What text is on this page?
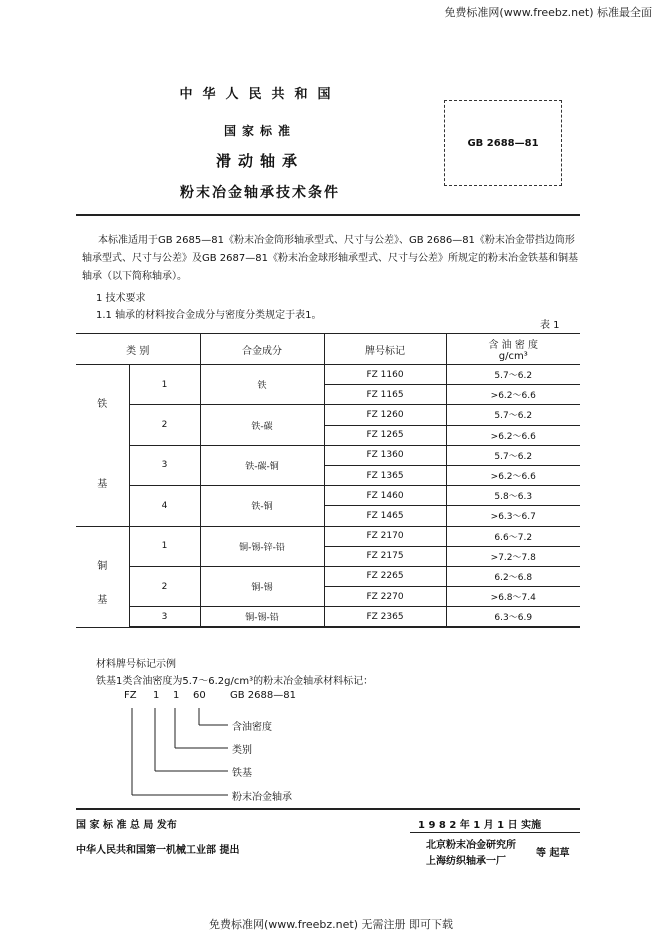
免费标准网(www.freebz.net) 标准最全面
中华人民共和国
国家标准
滑动轴承
粉末冶金轴承技术条件
GB 2688—81
本标准适用于GB 2685—81《粉末冶金筒形轴承型式、尺寸与公差》、GB 2686—81《粉末冶金带挡边筒形轴承型式、尺寸与公差》及GB 2687—81《粉末冶金球形轴承型式、尺寸与公差》所规定的粉末冶金铁基和铜基轴承（以下简称轴承）。
1 技术要求
1.1 轴承的材料按合金成分与密度分类规定于表1。
表 1
类 别		合金成分	牌号标记	含 油 密 度
g/cm³

铁
基	1	铁	FZ 1160	5.7～6.2
			FZ 1165	>6.2～6.6
	2	铁-碳	FZ 1260	5.7～6.2
			FZ 1265	>6.2～6.6
	3	铁-碳-铜	FZ 1360	5.7～6.2
			FZ 1365	>6.2～6.6
	4	铁-铜	FZ 1460	5.8～6.3
			FZ 1465	>6.3～6.7

铜
基	1	铜-锡-锌-铅	FZ 2170	6.6～7.2
			FZ 2175	>7.2～7.8
	2	铜-锡	FZ 2265	6.2～6.8
			FZ 2270	>6.8～7.4
	3	铜-锡-铅	FZ 2365	6.3～6.9
材料牌号标记示例
铁基1类含油密度为5.7～6.2g/cm³的粉末冶金轴承材料标记：
FZ 1 1 60 GB 2688—81
含油密度
类别
铁基
粉末冶金轴承
国 家 标 准 总 局 发布	1 9 8 2 年 1 月 1 日 实施
中华人民共和国第一机械工业部 提出	北京粉末冶金研究所
上海纺织轴承一厂
等 起草
免费标准网(www.freebz.net) 无需注册 即可下载
